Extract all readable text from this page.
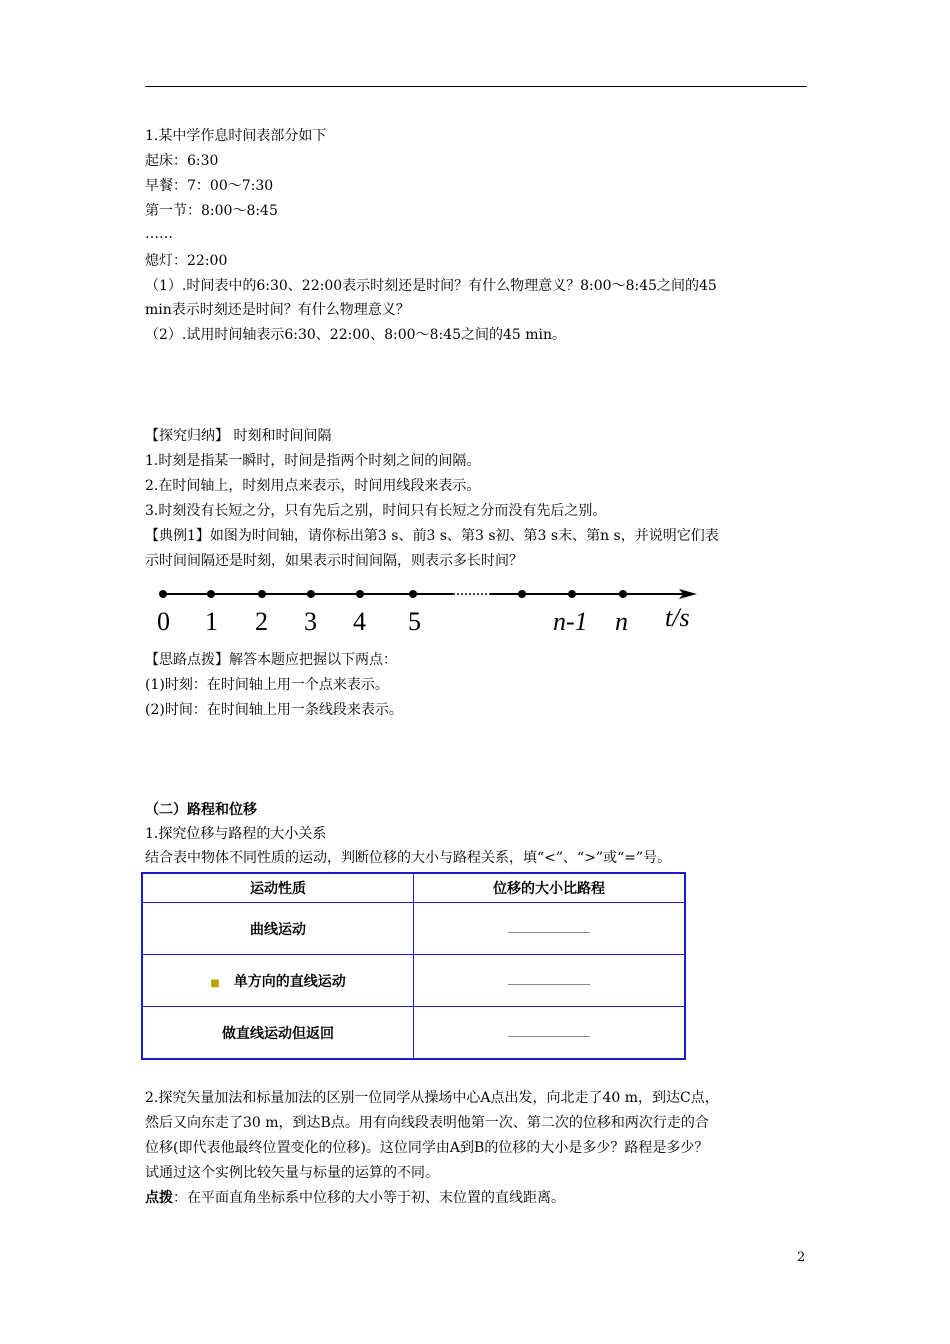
1.某中学作息时间表部分如下
起床：6:30
早餐：7：00～7:30
第一节：8:00～8:45
……
熄灯：22:00
（1）.时间表中的6:30、22:00表示时刻还是时间？有什么物理意义？8:00～8:45之间的45
min表示时刻还是时间？有什么物理意义？
（2）.试用时间轴表示6:30、22:00、8:00～8:45之间的45 min。
【探究归纳】 时刻和时间间隔
1.时刻是指某一瞬时，时间是指两个时刻之间的间隔。
2.在时间轴上，时刻用点来表示，时间用线段来表示。
3.时刻没有长短之分，只有先后之别，时间只有长短之分而没有先后之别。
【典例1】如图为时间轴，请你标出第3 s、前3 s、第3 s初、第3 s末、第n s，并说明它们表
示时间间隔还是时刻，如果表示时间间隔，则表示多长时间？
0 1 2 3 4 5	n-1 n t/s
【思路点拨】解答本题应把握以下两点：
(1)时刻：在时间轴上用一个点来表示。
(2)时间：在时间轴上用一条线段来表示。
（二）路程和位移
1.探究位移与路程的大小关系
结合表中物体不同性质的运动，判断位移的大小与路程关系，填“<”、“>”或“=”号。
运动性质	位移的大小比路程
曲线运动	
■ 单方向的直线运动	
做直线运动但返回	
2.探究矢量加法和标量加法的区别一位同学从操场中心A点出发，向北走了40 m，到达C点，
然后又向东走了30 m，到达B点。用有向线段表明他第一次、第二次的位移和两次行走的合
位移(即代表他最终位置变化的位移)。这位同学由A到B的位移的大小是多少？路程是多少？
试通过这个实例比较矢量与标量的运算的不同。
点拨：在平面直角坐标系中位移的大小等于初、末位置的直线距离。
2
